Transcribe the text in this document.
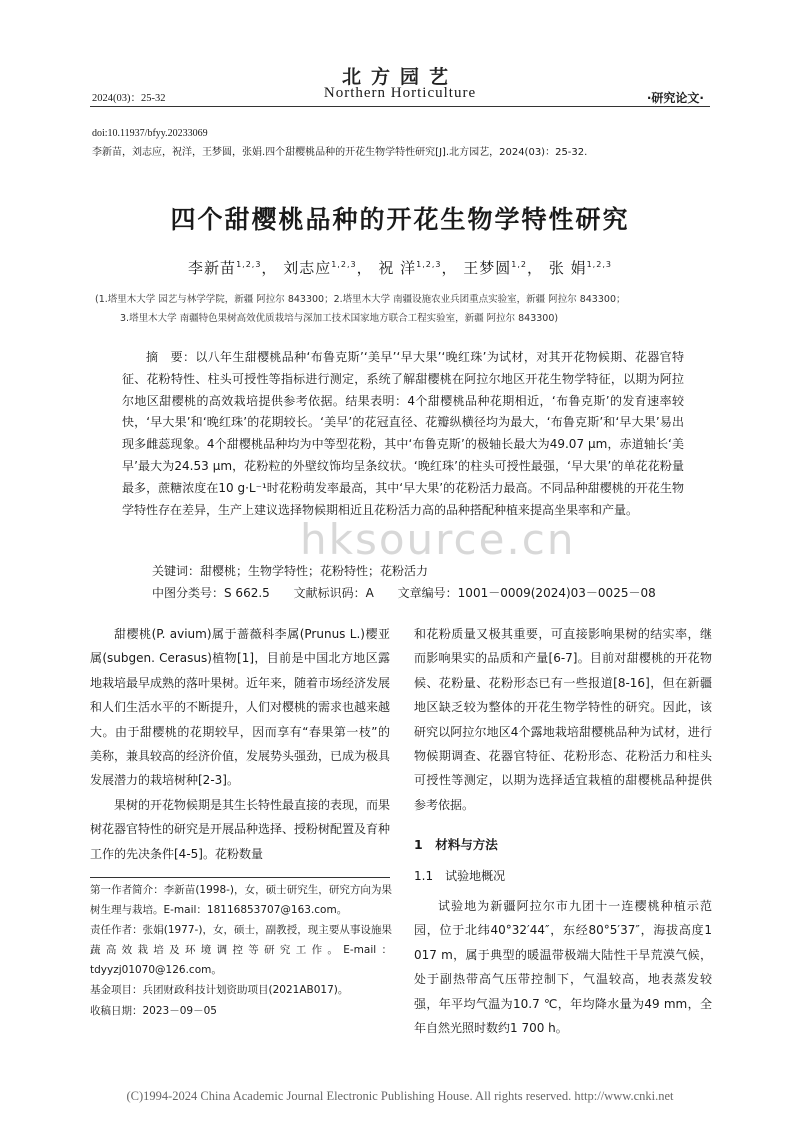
hksource.cn
北方园艺
Northern Horticulture
2024(03)：25-32	·研究论文·
doi:10.11937/bfyy.20233069
李新苗，刘志应，祝洋，王梦圆，张娟.四个甜樱桃品种的开花生物学特性研究[J].北方园艺，2024(03)：25-32.
四个甜樱桃品种的开花生物学特性研究
李新苗$^{1,2,3}$， 刘志应$^{1,2,3}$， 祝 洋$^{1,2,3}$， 王梦圆$^{1,2}$， 张 娟$^{1,2,3}$
(1.塔里木大学 园艺与林学学院，新疆 阿拉尔 843300；2.塔里木大学 南疆设施农业兵团重点实验室，新疆 阿拉尔 843300；
3.塔里木大学 南疆特色果树高效优质栽培与深加工技术国家地方联合工程实验室，新疆 阿拉尔 843300)
摘　要：以八年生甜樱桃品种‘布鲁克斯’‘美早’‘早大果’‘晚红珠’为试材，对其开花物候期、花器官特征、花粉特性、柱头可授性等指标进行测定，系统了解甜樱桃在阿拉尔地区开花生物学特征，以期为阿拉尔地区甜樱桃的高效栽培提供参考依据。结果表明：4个甜樱桃品种花期相近，‘布鲁克斯’的发育速率较快，‘早大果’和‘晚红珠’的花期较长。‘美早’的花冠直径、花瓣纵横径均为最大，‘布鲁克斯’和‘早大果’易出现多雌蕊现象。4个甜樱桃品种均为中等型花粉，其中‘布鲁克斯’的极轴长最大为49.07 μm，赤道轴长‘美早’最大为24.53 μm，花粉粒的外壁纹饰均呈条纹状。‘晚红珠’的柱头可授性最强，‘早大果’的单花花粉量最多，蔗糖浓度在10 g·L⁻¹时花粉萌发率最高，其中‘早大果’的花粉活力最高。不同品种甜樱桃的开花生物学特性存在差异，生产上建议选择物候期相近且花粉活力高的品种搭配种植来提高坐果率和产量。
关键词：甜樱桃；生物学特性；花粉特性；花粉活力
中图分类号：S 662.5 文献标识码：A 文章编号：1001－0009(2024)03－0025－08

甜樱桃(P. avium)属于蔷薇科李属(Prunus L.)樱亚属(subgen. Cerasus)植物[1]，目前是中国北方地区露地栽培最早成熟的落叶果树。近年来，随着市场经济发展和人们生活水平的不断提升，人们对樱桃的需求也越来越大。由于甜樱桃的花期较早，因而享有“春果第一枝”的美称，兼具较高的经济价值，发展势头强劲，已成为极具发展潜力的栽培树种[2-3]。

果树的开花物候期是其生长特性最直接的表现，而果树花器官特性的研究是开展品种选择、授粉树配置及育种工作的先决条件[4-5]。花粉数量

和花粉质量又极其重要，可直接影响果树的结实率，继而影响果实的品质和产量[6-7]。目前对甜樱桃的开花物候、花粉量、花粉形态已有一些报道[8-16]，但在新疆地区缺乏较为整体的开花生物学特性的研究。因此，该研究以阿拉尔地区4个露地栽培甜樱桃品种为试材，进行物候期调查、花器官特征、花粉形态、花粉活力和柱头可授性等测定，以期为选择适宜栽植的甜樱桃品种提供参考依据。

1　材料与方法
1.1　试验地概况

试验地为新疆阿拉尔市九团十一连樱桃种植示范园，位于北纬40°32′44″，东经80°5′37″，海拔高度1 017 m，属于典型的暖温带极端大陆性干旱荒漠气候，处于副热带高气压带控制下，气温较高，地表蒸发较强，年平均气温为10.7 ℃，年均降水量为49 mm，全年自然光照时数约1 700 h。

第一作者简介：李新苗(1998-)，女，硕士研究生，研究方向为果树生理与栽培。E-mail：18116853707@163.com。
责任作者：张娟(1977-)，女，硕士，副教授，现主要从事设施果蔬高效栽培及环境调控等研究工作。E-mail：tdyyzj01070@126.com。
基金项目：兵团财政科技计划资助项目(2021AB017)。
收稿日期：2023－09－05
(C)1994-2024 China Academic Journal Electronic Publishing House. All rights reserved. http://www.cnki.net
